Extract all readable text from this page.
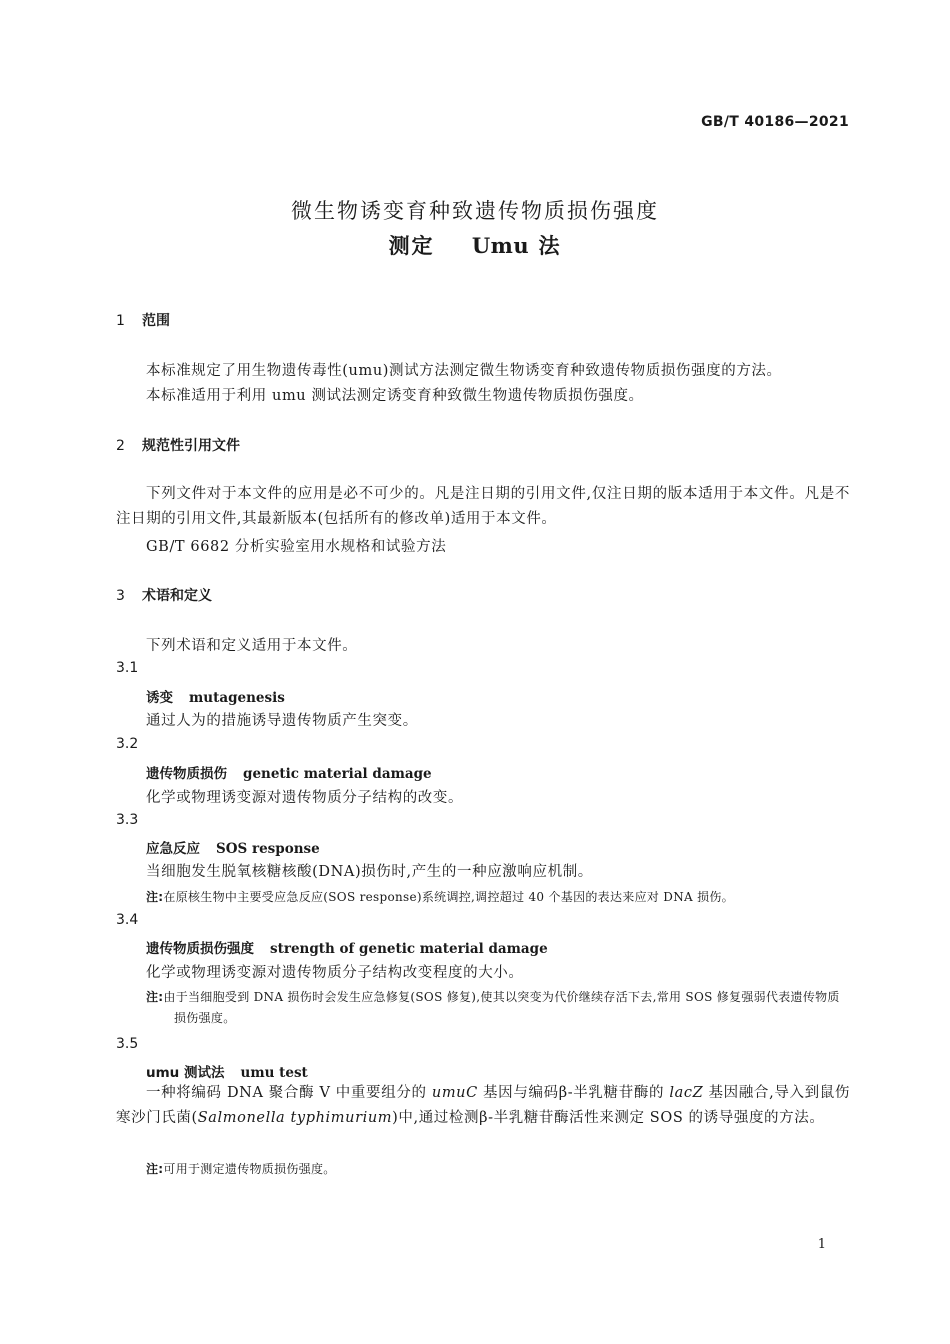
GB/T 40186—2021
微生物诱变育种致遗传物质损伤强度
测定 Umu 法
1 范围
本标准规定了用生物遗传毒性(umu)测试方法测定微生物诱变育种致遗传物质损伤强度的方法。
本标准适用于利用 umu 测试法测定诱变育种致微生物遗传物质损伤强度。
2 规范性引用文件
下列文件对于本文件的应用是必不可少的。凡是注日期的引用文件,仅注日期的版本适用于本文件。凡是不注日期的引用文件,其最新版本(包括所有的修改单)适用于本文件。
GB/T 6682 分析实验室用水规格和试验方法
3 术语和定义
下列术语和定义适用于本文件。
3.1
诱变 mutagenesis
通过人为的措施诱导遗传物质产生突变。
3.2
遗传物质损伤 genetic material damage
化学或物理诱变源对遗传物质分子结构的改变。
3.3
应急反应 SOS response
当细胞发生脱氧核糖核酸(DNA)损伤时,产生的一种应激响应机制。
注:在原核生物中主要受应急反应(SOS response)系统调控,调控超过 40 个基因的表达来应对 DNA 损伤。
3.4
遗传物质损伤强度 strength of genetic material damage
化学或物理诱变源对遗传物质分子结构改变程度的大小。
注:由于当细胞受到 DNA 损伤时会发生应急修复(SOS 修复),使其以突变为代价继续存活下去,常用 SOS 修复强弱代表遗传物质损伤强度。
3.5
umu 测试法 umu test
一种将编码 DNA 聚合酶 V 中重要组分的 umuC 基因与编码β-半乳糖苷酶的 lacZ 基因融合,导入到鼠伤寒沙门氏菌(Salmonella typhimurium)中,通过检测β-半乳糖苷酶活性来测定 SOS 的诱导强度的方法。
注:可用于测定遗传物质损伤强度。
1
